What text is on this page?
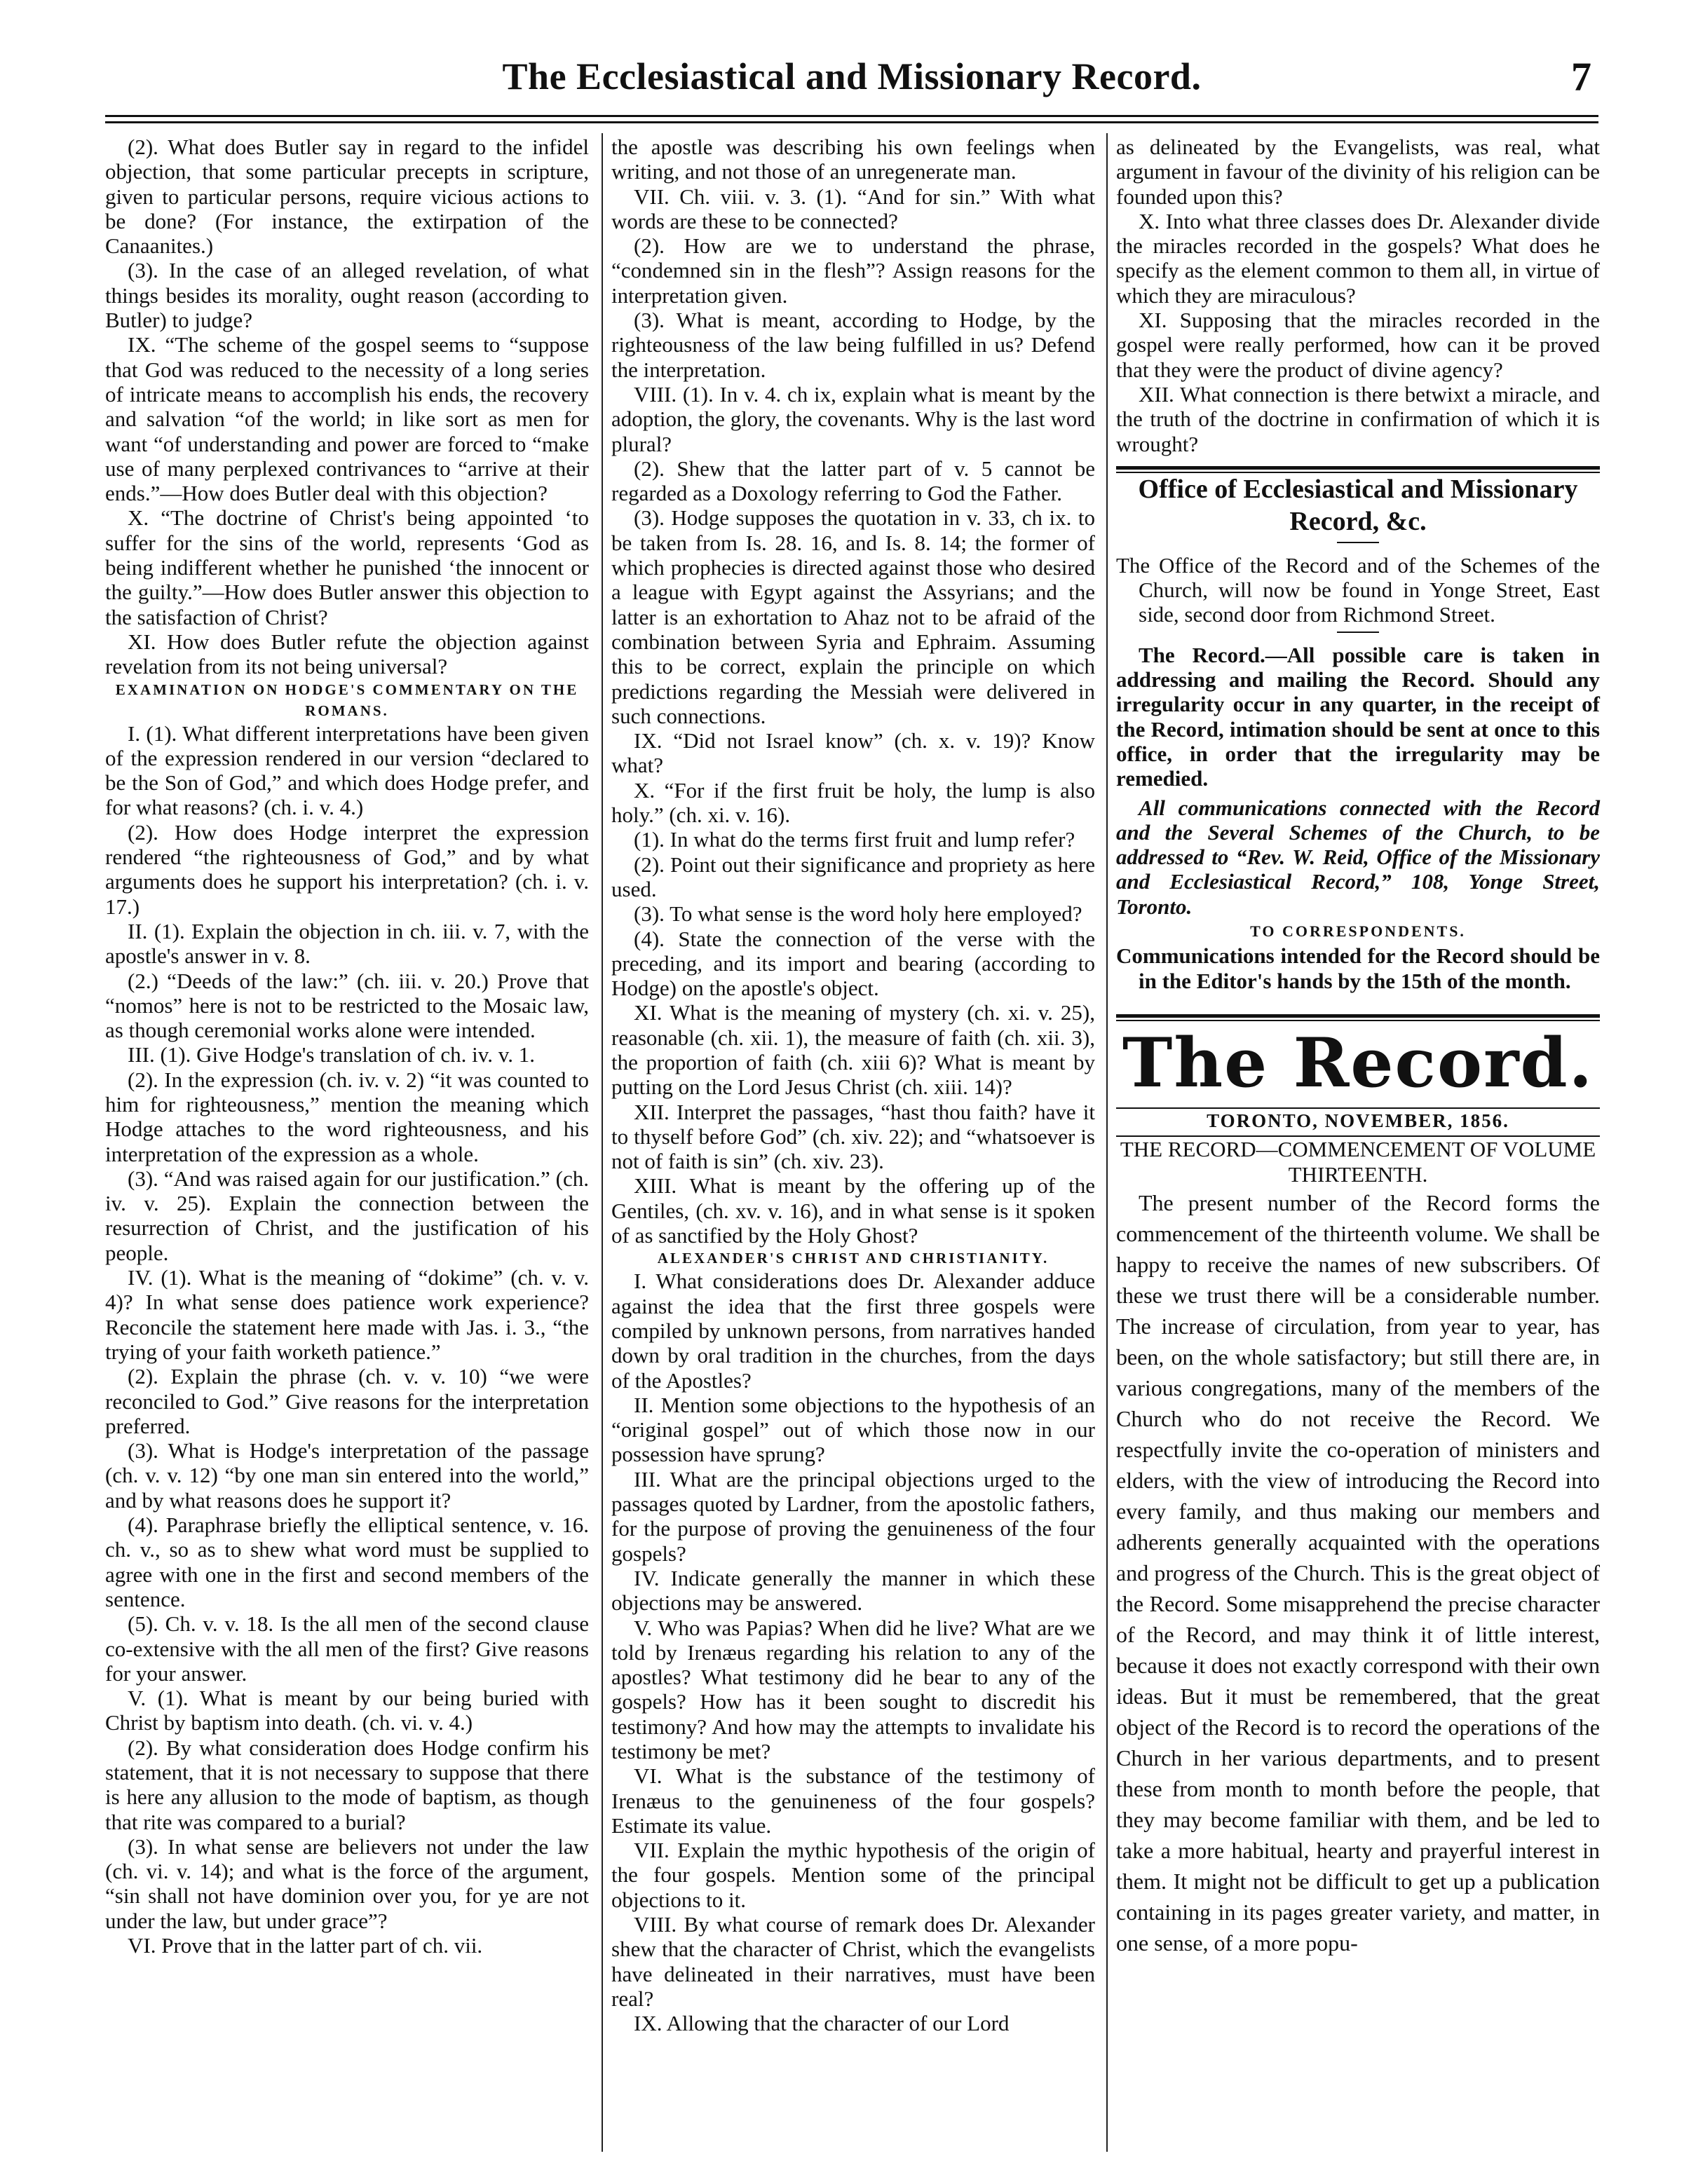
The Ecclesiastical and Missionary Record.	7

(2). What does Butler say in regard to the infidel objection, that some particular precepts in scripture, given to particular persons, require vicious actions to be done? (For instance, the extirpation of the Canaanites.)

(3). In the case of an alleged revelation, of what things besides its morality, ought reason (according to Butler) to judge?

IX. “The scheme of the gospel seems to “suppose that God was reduced to the necessity of a long series of intricate means to accomplish his ends, the recovery and salvation “of the world; in like sort as men for want “of understanding and power are forced to “make use of many perplexed contrivances to “arrive at their ends.”—How does Butler deal with this objection?

X. “The doctrine of Christ's being appointed ‘to suffer for the sins of the world, represents ‘God as being indifferent whether he punished ‘the innocent or the guilty.”—How does Butler answer this objection to the satisfaction of Christ?

XI. How does Butler refute the objection against revelation from its not being universal?

EXAMINATION ON HODGE'S COMMENTARY ON THE ROMANS.

I. (1). What different interpretations have been given of the expression rendered in our version “declared to be the Son of God,” and which does Hodge prefer, and for what reasons? (ch. i. v. 4.)

(2). How does Hodge interpret the expression rendered “the righteousness of God,” and by what arguments does he support his interpretation? (ch. i. v. 17.)

II. (1). Explain the objection in ch. iii. v. 7, with the apostle's answer in v. 8.

(2.) “Deeds of the law:” (ch. iii. v. 20.) Prove that “nomos” here is not to be restricted to the Mosaic law, as though ceremonial works alone were intended.

III. (1). Give Hodge's translation of ch. iv. v. 1.

(2). In the expression (ch. iv. v. 2) “it was counted to him for righteousness,” mention the meaning which Hodge attaches to the word righteousness, and his interpretation of the expression as a whole.

(3). “And was raised again for our justification.” (ch. iv. v. 25). Explain the connection between the resurrection of Christ, and the justification of his people.

IV. (1). What is the meaning of “dokime” (ch. v. v. 4)? In what sense does patience work experience? Reconcile the statement here made with Jas. i. 3., “the trying of your faith worketh patience.”

(2). Explain the phrase (ch. v. v. 10) “we were reconciled to God.” Give reasons for the interpretation preferred.

(3). What is Hodge's interpretation of the passage (ch. v. v. 12) “by one man sin entered into the world,” and by what reasons does he support it?

(4). Paraphrase briefly the elliptical sentence, v. 16. ch. v., so as to shew what word must be supplied to agree with one in the first and second members of the sentence.

(5). Ch. v. v. 18. Is the all men of the second clause co-extensive with the all men of the first? Give reasons for your answer.

V. (1). What is meant by our being buried with Christ by baptism into death. (ch. vi. v. 4.)

(2). By what consideration does Hodge confirm his statement, that it is not necessary to suppose that there is here any allusion to the mode of baptism, as though that rite was compared to a burial?

(3). In what sense are believers not under the law (ch. vi. v. 14); and what is the force of the argument, “sin shall not have dominion over you, for ye are not under the law, but under grace”?

VI. Prove that in the latter part of ch. vii.

the apostle was describing his own feelings when writing, and not those of an unregenerate man.

VII. Ch. viii. v. 3. (1). “And for sin.” With what words are these to be connected?

(2). How are we to understand the phrase, “condemned sin in the flesh”? Assign reasons for the interpretation given.

(3). What is meant, according to Hodge, by the righteousness of the law being fulfilled in us? Defend the interpretation.

VIII. (1). In v. 4. ch ix, explain what is meant by the adoption, the glory, the covenants. Why is the last word plural?

(2). Shew that the latter part of v. 5 cannot be regarded as a Doxology referring to God the Father.

(3). Hodge supposes the quotation in v. 33, ch ix. to be taken from Is. 28. 16, and Is. 8. 14; the former of which prophecies is directed against those who desired a league with Egypt against the Assyrians; and the latter is an exhortation to Ahaz not to be afraid of the combination between Syria and Ephraim. Assuming this to be correct, explain the principle on which predictions regarding the Messiah were delivered in such connections.

IX. “Did not Israel know” (ch. x. v. 19)? Know what?

X. “For if the first fruit be holy, the lump is also holy.” (ch. xi. v. 16).

(1). In what do the terms first fruit and lump refer?

(2). Point out their significance and propriety as here used.

(3). To what sense is the word holy here employed?

(4). State the connection of the verse with the preceding, and its import and bearing (according to Hodge) on the apostle's object.

XI. What is the meaning of mystery (ch. xi. v. 25), reasonable (ch. xii. 1), the measure of faith (ch. xii. 3), the proportion of faith (ch. xiii 6)? What is meant by putting on the Lord Jesus Christ (ch. xiii. 14)?

XII. Interpret the passages, “hast thou faith? have it to thyself before God” (ch. xiv. 22); and “whatsoever is not of faith is sin” (ch. xiv. 23).

XIII. What is meant by the offering up of the Gentiles, (ch. xv. v. 16), and in what sense is it spoken of as sanctified by the Holy Ghost?

ALEXANDER'S CHRIST AND CHRISTIANITY.

I. What considerations does Dr. Alexander adduce against the idea that the first three gospels were compiled by unknown persons, from narratives handed down by oral tradition in the churches, from the days of the Apostles?

II. Mention some objections to the hypothesis of an “original gospel” out of which those now in our possession have sprung?

III. What are the principal objections urged to the passages quoted by Lardner, from the apostolic fathers, for the purpose of proving the genuineness of the four gospels?

IV. Indicate generally the manner in which these objections may be answered.

V. Who was Papias? When did he live? What are we told by Irenæus regarding his relation to any of the apostles? What testimony did he bear to any of the gospels? How has it been sought to discredit his testimony? And how may the attempts to invalidate his testimony be met?

VI. What is the substance of the testimony of Irenæus to the genuineness of the four gospels? Estimate its value.

VII. Explain the mythic hypothesis of the origin of the four gospels. Mention some of the principal objections to it.

VIII. By what course of remark does Dr. Alexander shew that the character of Christ, which the evangelists have delineated in their narratives, must have been real?

IX. Allowing that the character of our Lord

as delineated by the Evangelists, was real, what argument in favour of the divinity of his religion can be founded upon this?

X. Into what three classes does Dr. Alexander divide the miracles recorded in the gospels? What does he specify as the element common to them all, in virtue of which they are miraculous?

XI. Supposing that the miracles recorded in the gospel were really performed, how can it be proved that they were the product of divine agency?

XII. What connection is there betwixt a miracle, and the truth of the doctrine in confirmation of which it is wrought?

Office of Ecclesiastical and Missionary Record, &c.

The Office of the Record and of the Schemes of the Church, will now be found in Yonge Street, East side, second door from Richmond Street.

The Record.—All possible care is taken in addressing and mailing the Record. Should any irregularity occur in any quarter, in the receipt of the Record, intimation should be sent at once to this office, in order that the irregularity may be remedied.

All communications connected with the Record and the Several Schemes of the Church, to be addressed to “Rev. W. Reid, Office of the Missionary and Ecclesiastical Record,” 108, Yonge Street, Toronto.

TO CORRESPONDENTS.

Communications intended for the Record should be in the Editor's hands by the 15th of the month.

The Record.

TORONTO, NOVEMBER, 1856.

THE RECORD—COMMENCEMENT OF VOLUME THIRTEENTH.

The present number of the Record forms the commencement of the thirteenth volume. We shall be happy to receive the names of new subscribers. Of these we trust there will be a considerable number. The increase of circulation, from year to year, has been, on the whole satisfactory; but still there are, in various congregations, many of the members of the Church who do not receive the Record. We respectfully invite the co-operation of ministers and elders, with the view of introducing the Record into every family, and thus making our members and adherents generally acquainted with the operations and progress of the Church. This is the great object of the Record. Some misapprehend the precise character of the Record, and may think it of little interest, because it does not exactly correspond with their own ideas. But it must be remembered, that the great object of the Record is to record the operations of the Church in her various departments, and to present these from month to month before the people, that they may become familiar with them, and be led to take a more habitual, hearty and prayerful interest in them. It might not be difficult to get up a publication containing in its pages greater variety, and matter, in one sense, of a more popu-
